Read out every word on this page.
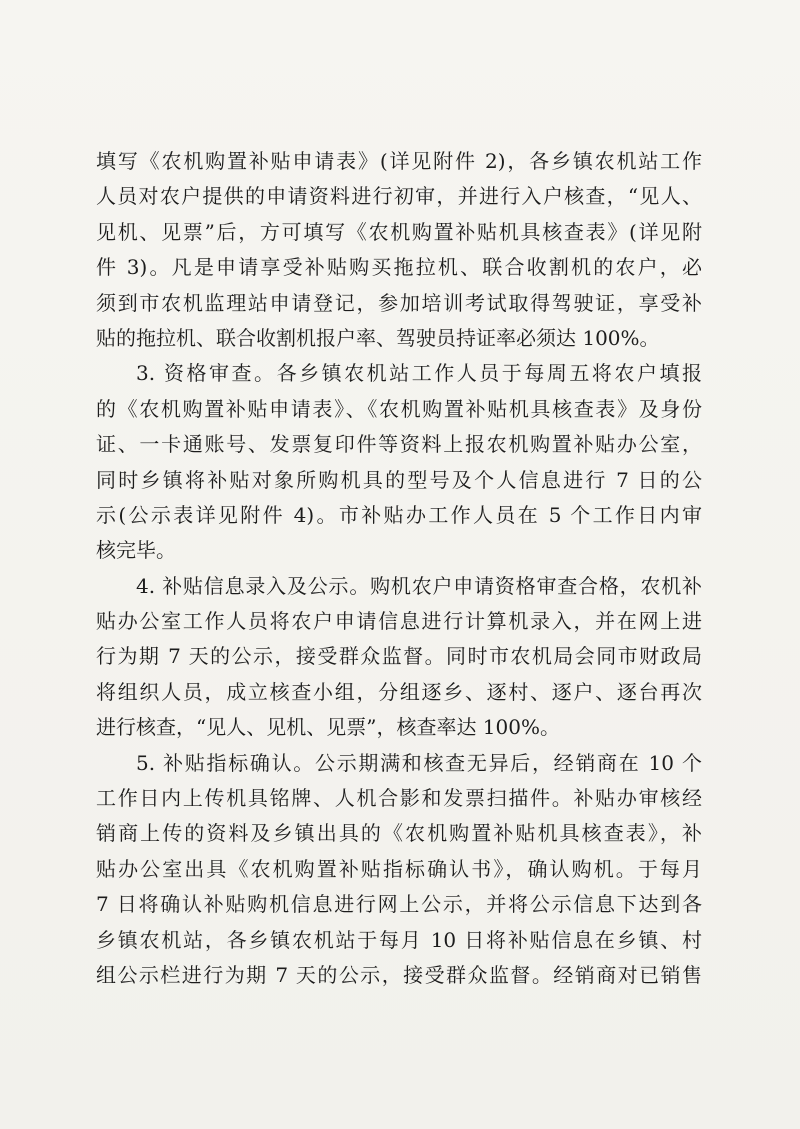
填写《农机购置补贴申请表》(详见附件 2)，各乡镇农机站工作
人员对农户提供的申请资料进行初审，并进行入户核查，“见人、
见机、见票”后，方可填写《农机购置补贴机具核查表》(详见附
件 3)。凡是申请享受补贴购买拖拉机、联合收割机的农户，必
须到市农机监理站申请登记，参加培训考试取得驾驶证，享受补
贴的拖拉机、联合收割机报户率、驾驶员持证率必须达 100%。
3. 资格审查。各乡镇农机站工作人员于每周五将农户填报
的《农机购置补贴申请表》、《农机购置补贴机具核查表》及身份
证、一卡通账号、发票复印件等资料上报农机购置补贴办公室，
同时乡镇将补贴对象所购机具的型号及个人信息进行 7 日的公
示(公示表详见附件 4)。市补贴办工作人员在 5 个工作日内审
核完毕。
4. 补贴信息录入及公示。购机农户申请资格审查合格，农机补
贴办公室工作人员将农户申请信息进行计算机录入，并在网上进
行为期 7 天的公示，接受群众监督。同时市农机局会同市财政局
将组织人员，成立核查小组，分组逐乡、逐村、逐户、逐台再次
进行核查，“见人、见机、见票”，核查率达 100%。
5. 补贴指标确认。公示期满和核查无异后，经销商在 10 个
工作日内上传机具铭牌、人机合影和发票扫描件。补贴办审核经
销商上传的资料及乡镇出具的《农机购置补贴机具核查表》，补
贴办公室出具《农机购置补贴指标确认书》，确认购机。于每月
7 日将确认补贴购机信息进行网上公示，并将公示信息下达到各
乡镇农机站，各乡镇农机站于每月 10 日将补贴信息在乡镇、村
组公示栏进行为期 7 天的公示，接受群众监督。经销商对已销售
